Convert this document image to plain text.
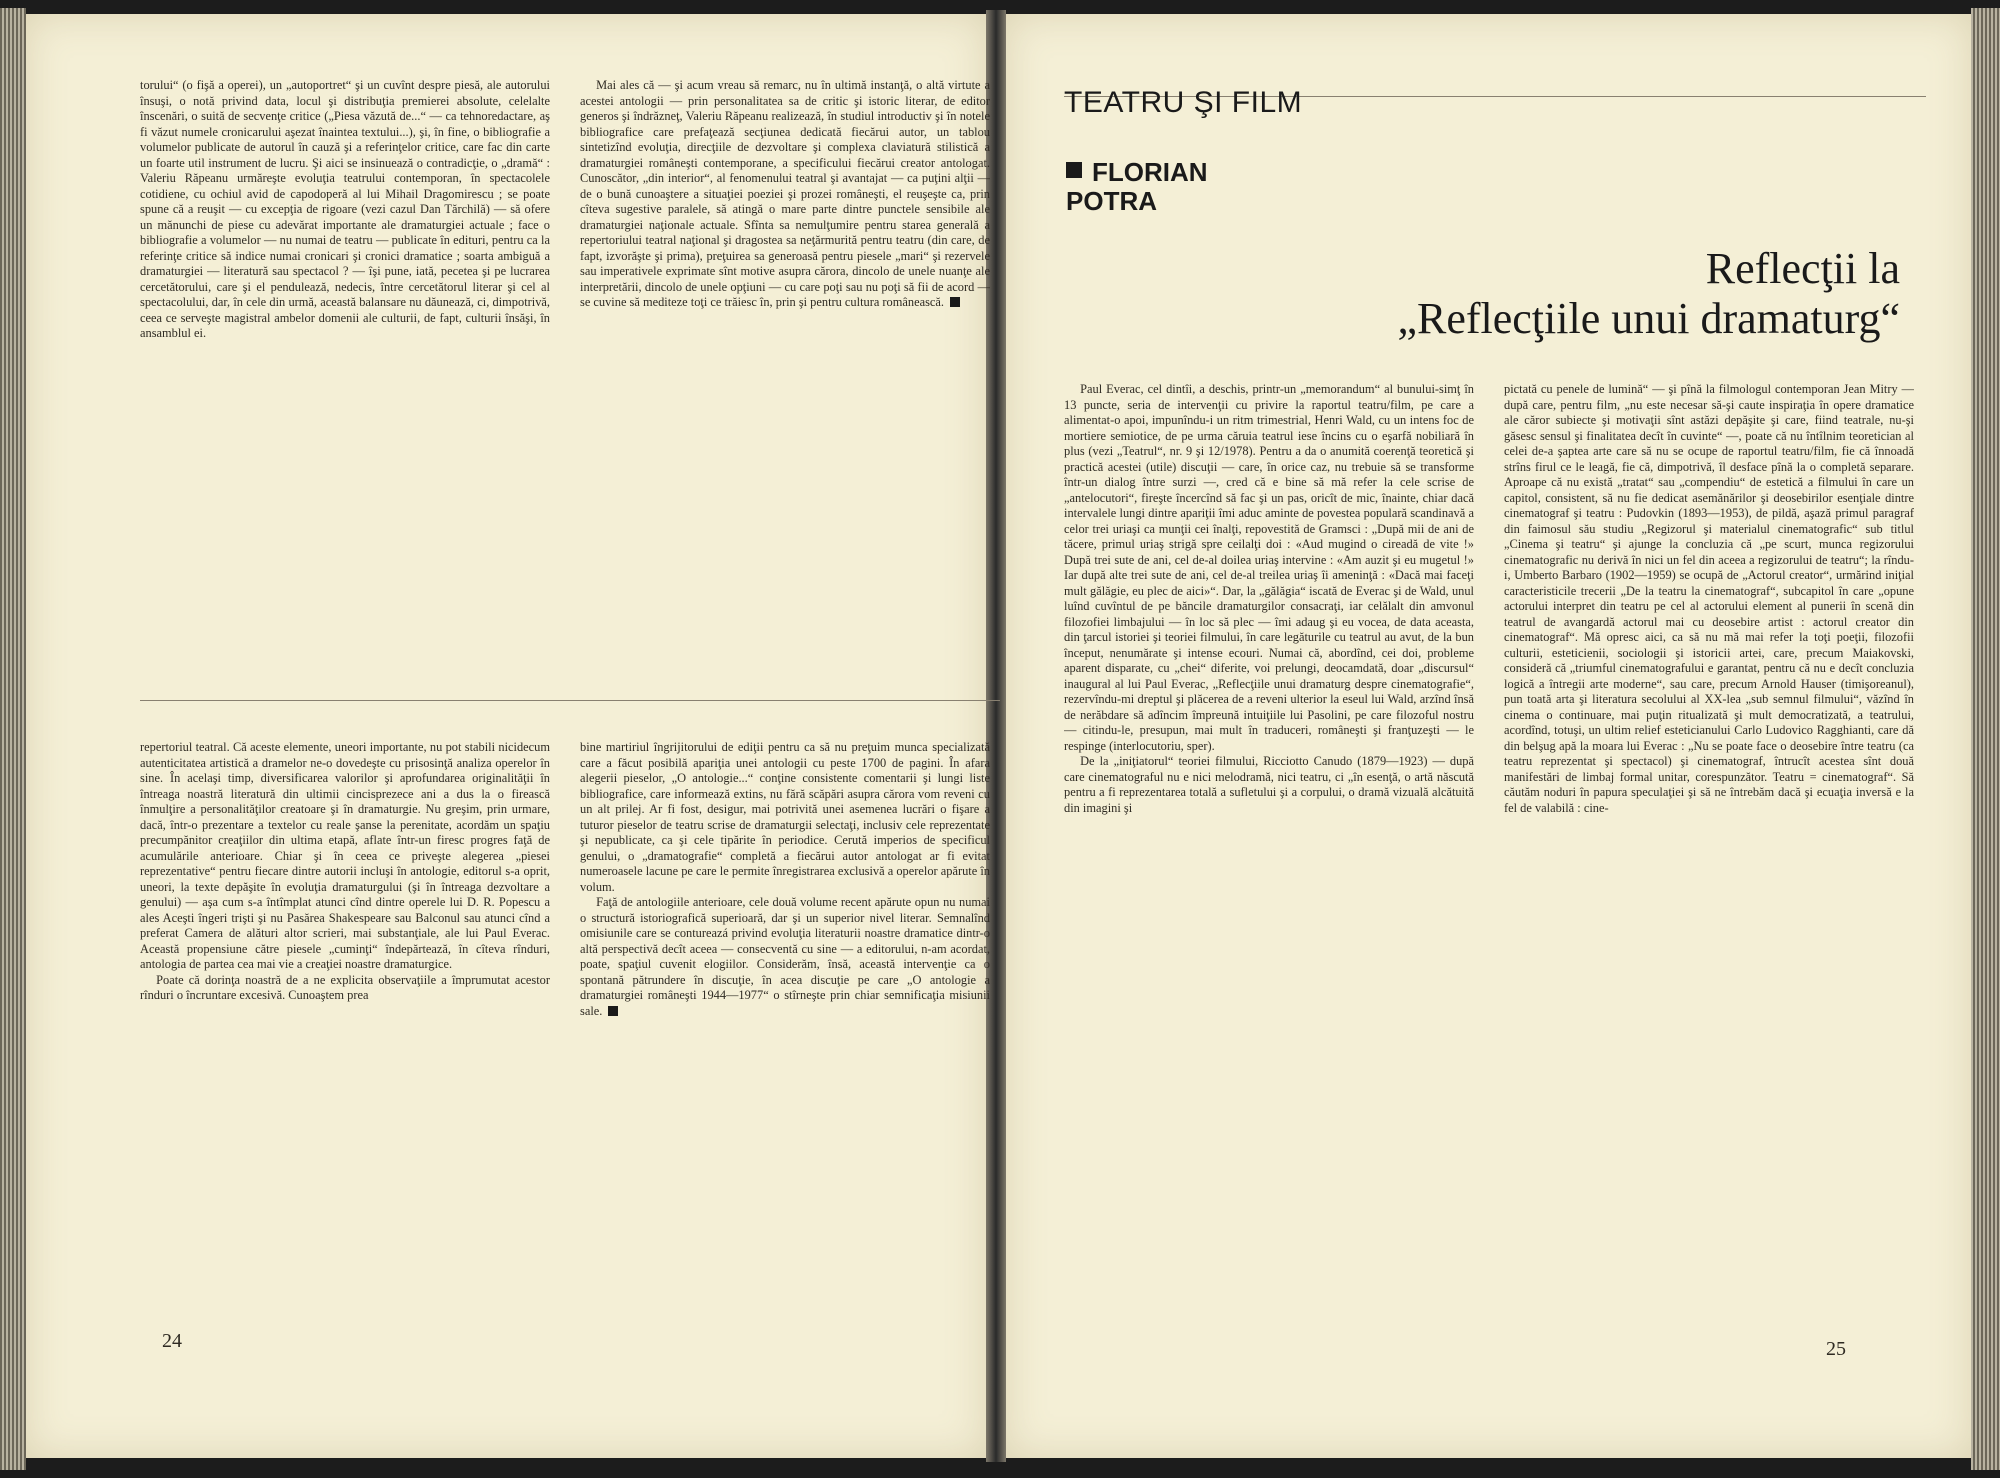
torului“ (o fişă a operei), un „autoportret“ şi un cuvînt despre piesă, ale autorului însuşi, o notă privind data, locul şi distribuţia premierei absolute, celelalte înscenări, o suită de secvenţe critice („Piesa văzută de...“ — ca tehnoredactare, aş fi văzut numele cronicarului aşezat înaintea textului...), şi, în fine, o bibliografie a volumelor publicate de autorul în cauză şi a referinţelor critice, care fac din carte un foarte util instrument de lucru. Şi aici se insinuează o contradicţie, o „dramă“ : Valeriu Răpeanu urmăreşte evoluţia teatrului contemporan, în spectacolele cotidiene, cu ochiul avid de capodoperă al lui Mihail Dragomirescu ; se poate spune că a reuşit — cu excepţia de rigoare (vezi cazul Dan Tărchilă) — să ofere un mănunchi de piese cu adevărat importante ale dramaturgiei actuale ; face o bibliografie a volumelor — nu numai de teatru — publicate în edituri, pentru ca la referinţe critice să indice numai cronicari şi cronici dramatice ; soarta ambiguă a dramaturgiei — literatură sau spectacol ? — îşi pune, iată, pecetea şi pe lucrarea cercetătorului, care şi el pendulează, nedecis, între cercetătorul literar şi cel al spectacolului, dar, în cele din urmă, această balansare nu dăunează, ci, dimpotrivă, ceea ce serveşte magistral ambelor domenii ale culturii, de fapt, culturii însăşi, în ansamblul ei.

Mai ales că — şi acum vreau să remarc, nu în ultimă instanţă, o altă virtute a acestei antologii — prin personalitatea sa de critic şi istoric literar, de editor generos şi îndrăzneţ, Valeriu Răpeanu realizează, în studiul introductiv şi în notele bibliografice care prefaţează secţiunea dedicată fiecărui autor, un tablou sintetizînd evoluţia, direcţiile de dezvoltare şi complexa claviatură stilistică a dramaturgiei româneşti contemporane, a specificului fiecărui creator antologat. Cunoscător, „din interior“, al fenomenului teatral şi avantajat — ca puţini alţii — de o bună cunoaştere a situaţiei poeziei şi prozei româneşti, el reuşeşte ca, prin cîteva sugestive paralele, să atingă o mare parte dintre punctele sensibile ale dramaturgiei naţionale actuale. Sfînta sa nemulţumire pentru starea generală a repertoriului teatral naţional şi dragostea sa neţărmurită pentru teatru (din care, de fapt, izvorăşte şi prima), preţuirea sa generoasă pentru piesele „mari“ şi rezervele sau imperativele exprimate sînt motive asupra cărora, dincolo de unele nuanţe ale interpretării, dincolo de unele opţiuni — cu care poţi sau nu poţi să fii de acord — se cuvine să mediteze toţi ce trăiesc în, prin şi pentru cultura românească.

repertoriul teatral. Că aceste elemente, uneori importante, nu pot stabili nicidecum autenticitatea artistică a dramelor ne-o dovedeşte cu prisosinţă analiza operelor în sine. În acelaşi timp, diversificarea valorilor şi aprofundarea originalităţii în întreaga noastră literatură din ultimii cincisprezece ani a dus la o firească înmulţire a personalităţilor creatoare şi în dramaturgie. Nu greşim, prin urmare, dacă, într-o prezentare a textelor cu reale şanse la perenitate, acordăm un spaţiu precumpănitor creaţiilor din ultima etapă, aflate într-un firesc progres faţă de acumulările anterioare. Chiar şi în ceea ce priveşte alegerea „piesei reprezentative“ pentru fiecare dintre autorii incluşi în antologie, editorul s-a oprit, uneori, la texte depăşite în evoluţia dramaturgului (şi în întreaga dezvoltare a genului) — aşa cum s-a întîmplat atunci cînd dintre operele lui D. R. Popescu a ales Aceşti îngeri trişti şi nu Pasărea Shakespeare sau Balconul sau atunci cînd a preferat Camera de alături altor scrieri, mai substanţiale, ale lui Paul Everac. Această propensiune către piesele „cuminţi“ îndepărtează, în cîteva rînduri, antologia de partea cea mai vie a creaţiei noastre dramaturgice.

Poate că dorinţa noastră de a ne explicita observaţiile a împrumutat acestor rînduri o încruntare excesivă. Cunoaştem prea

bine martiriul îngrijitorului de ediţii pentru ca să nu preţuim munca specializată care a făcut posibilă apariţia unei antologii cu peste 1700 de pagini. În afara alegerii pieselor, „O antologie...“ conţine consistente comentarii şi lungi liste bibliografice, care informează extins, nu fără scăpări asupra cărora vom reveni cu un alt prilej. Ar fi fost, desigur, mai potrivită unei asemenea lucrări o fişare a tuturor pieselor de teatru scrise de dramaturgii selectaţi, inclusiv cele reprezentate şi nepublicate, ca şi cele tipărite în periodice. Cerută imperios de specificul genului, o „dramatografie“ completă a fiecărui autor antologat ar fi evitat numeroasele lacune pe care le permite înregistrarea exclusivă a operelor apărute în volum.

Faţă de antologiile anterioare, cele două volume recent apărute opun nu numai o structură istoriografică superioară, dar şi un superior nivel literar. Semnalînd omisiunile care se contureazá privind evoluţia literaturii noastre dramatice dintr-o altă perspectivă decît aceea — consecventă cu sine — a editorului, n-am acordat, poate, spaţiul cuvenit elogiilor. Considerăm, însă, această intervenţie ca o spontană pătrundere în discuţie, în acea discuţie pe care „O antologie a dramaturgiei româneşti 1944—1977“ o stîrneşte prin chiar semnificaţia misiunii sale.

24
TEATRU ŞI FILM
FLORIAN
POTRA
Reflecţii la
„Reflecţiile unui dramaturg“

Paul Everac, cel dintîi, a deschis, printr-un „memorandum“ al bunului-simţ în 13 puncte, seria de intervenţii cu privire la raportul teatru/film, pe care a alimentat-o apoi, impunîndu-i un ritm trimestrial, Henri Wald, cu un intens foc de mortiere semiotice, de pe urma căruia teatrul iese încins cu o eşarfă nobiliară în plus (vezi „Teatrul“, nr. 9 şi 12/1978). Pentru a da o anumită coerenţă teoretică şi practică acestei (utile) discuţii — care, în orice caz, nu trebuie să se transforme într-un dialog între surzi —, cred că e bine să mă refer la cele scrise de „antelocutori“, fireşte încercînd să fac şi un pas, oricît de mic, înainte, chiar dacă intervalele lungi dintre apariţii îmi aduc aminte de povestea populară scandinavă a celor trei uriaşi ca munţii cei înalţi, repovestită de Gramsci : „După mii de ani de tăcere, primul uriaş strigă spre ceilalţi doi : «Aud mugind o cireadă de vite !» După trei sute de ani, cel de-al doilea uriaş intervine : «Am auzit şi eu mugetul !» Iar după alte trei sute de ani, cel de-al treilea uriaş îi ameninţă : «Dacă mai faceţi mult gălăgie, eu plec de aici»“. Dar, la „gălăgia“ iscată de Everac şi de Wald, unul luînd cuvîntul de pe băncile dramaturgilor consacraţi, iar celălalt din amvonul filozofiei limbajului — în loc să plec — îmi adaug şi eu vocea, de data aceasta, din ţarcul istoriei şi teoriei filmului, în care legăturile cu teatrul au avut, de la bun început, nenumărate şi intense ecouri. Numai că, abordînd, cei doi, probleme aparent disparate, cu „chei“ diferite, voi prelungi, deocamdată, doar „discursul“ inaugural al lui Paul Everac, „Reflecţiile unui dramaturg despre cinematografie“, rezervîndu-mi dreptul şi plăcerea de a reveni ulterior la eseul lui Wald, arzînd însă de nerăbdare să adîncim împreună intuiţiile lui Pasolini, pe care filozoful nostru — citindu-le, presupun, mai mult în traduceri, româneşti şi franţuzeşti — le respinge (interlocutoriu, sper).

De la „iniţiatorul“ teoriei filmului, Ricciotto Canudo (1879—1923) — după care cinematograful nu e nici melodramă, nici teatru, ci „în esenţă, o artă născută pentru a fi reprezentarea totală a sufletului şi a corpului, o dramă vizuală alcătuită din imagini şi

pictată cu penele de lumină“ — şi pînă la filmologul contemporan Jean Mitry — după care, pentru film, „nu este necesar să-şi caute inspiraţia în opere dramatice ale căror subiecte şi motivaţii sînt astăzi depăşite şi care, fiind teatrale, nu-şi găsesc sensul şi finalitatea decît în cuvinte“ —, poate că nu întîlnim teoretician al celei de-a şaptea arte care să nu se ocupe de raportul teatru/film, fie că înnoadă strîns firul ce le leagă, fie că, dimpotrivă, îl desface pînă la o completă separare. Aproape că nu există „tratat“ sau „compendiu“ de estetică a filmului în care un capitol, consistent, să nu fie dedicat asemănărilor şi deosebirilor esenţiale dintre cinematograf şi teatru : Pudovkin (1893—1953), de pildă, aşază primul paragraf din faimosul său studiu „Regizorul şi materialul cinematografic“ sub titlul „Cinema şi teatru“ şi ajunge la concluzia că „pe scurt, munca regizorului cinematografic nu derivă în nici un fel din aceea a regizorului de teatru“; la rîndu-i, Umberto Barbaro (1902—1959) se ocupă de „Actorul creator“, urmărind iniţial caracteristicile trecerii „De la teatru la cinematograf“, subcapitol în care „opune actorului interpret din teatru pe cel al actorului element al punerii în scenă din teatrul de avangardă actorul mai cu deosebire artist : actorul creator din cinematograf“. Mă opresc aici, ca să nu mă mai refer la toţi poeţii, filozofii culturii, esteticienii, sociologii şi istoricii artei, care, precum Maiakovski, consideră că „triumful cinematografului e garantat, pentru că nu e decît concluzia logică a întregii arte moderne“, sau care, precum Arnold Hauser (timişoreanul), pun toată arta şi literatura secolului al XX-lea „sub semnul filmului“, văzînd în cinema o continuare, mai puţin ritualizată şi mult democratizată, a teatrului, acordînd, totuşi, un ultim relief esteticianului Carlo Ludovico Ragghianti, care dă din belşug apă la moara lui Everac : „Nu se poate face o deosebire între teatru (ca teatru reprezentat şi spectacol) şi cinematograf, întrucît acestea sînt două manifestări de limbaj formal unitar, corespunzător. Teatru = cinematograf“. Să căutăm noduri în papura speculaţiei şi să ne întrebăm dacă şi ecuaţia inversă e la fel de valabilă : cine-

25
